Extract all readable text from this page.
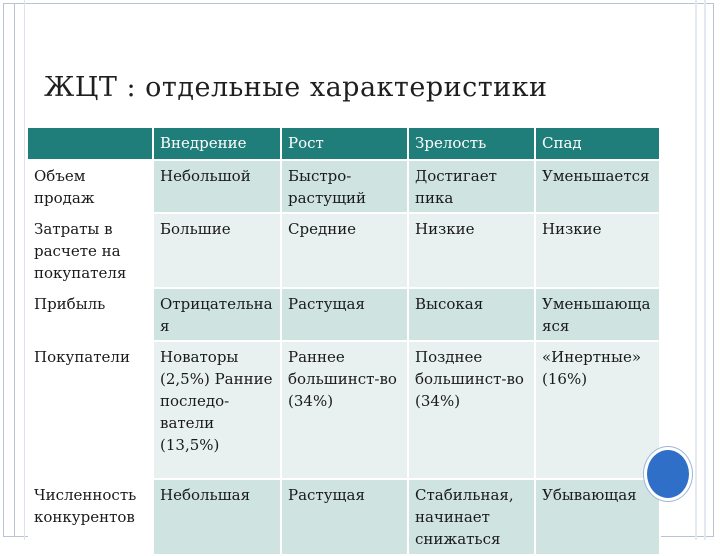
ЖЦТ : отдельные характеристики
	Внедрение	Рост	Зрелость	Спад
Объем продаж	Небольшой	Быстро-растущий	Достигает пика	Уменьшается
Затраты в расчете на покупателя	Большие	Средние	Низкие	Низкие
Прибыль	Отрицательная	Растущая	Высокая	Уменьшающаяся
Покупатели	Новаторы (2,5%) Ранние последо-ватели (13,5%)	Раннее большинст-во (34%)	Позднее большинст-во (34%)	«Инертные» (16%)
Численность конкурентов	Небольшая	Растущая	Стабильная, начинает снижаться	Убывающая
